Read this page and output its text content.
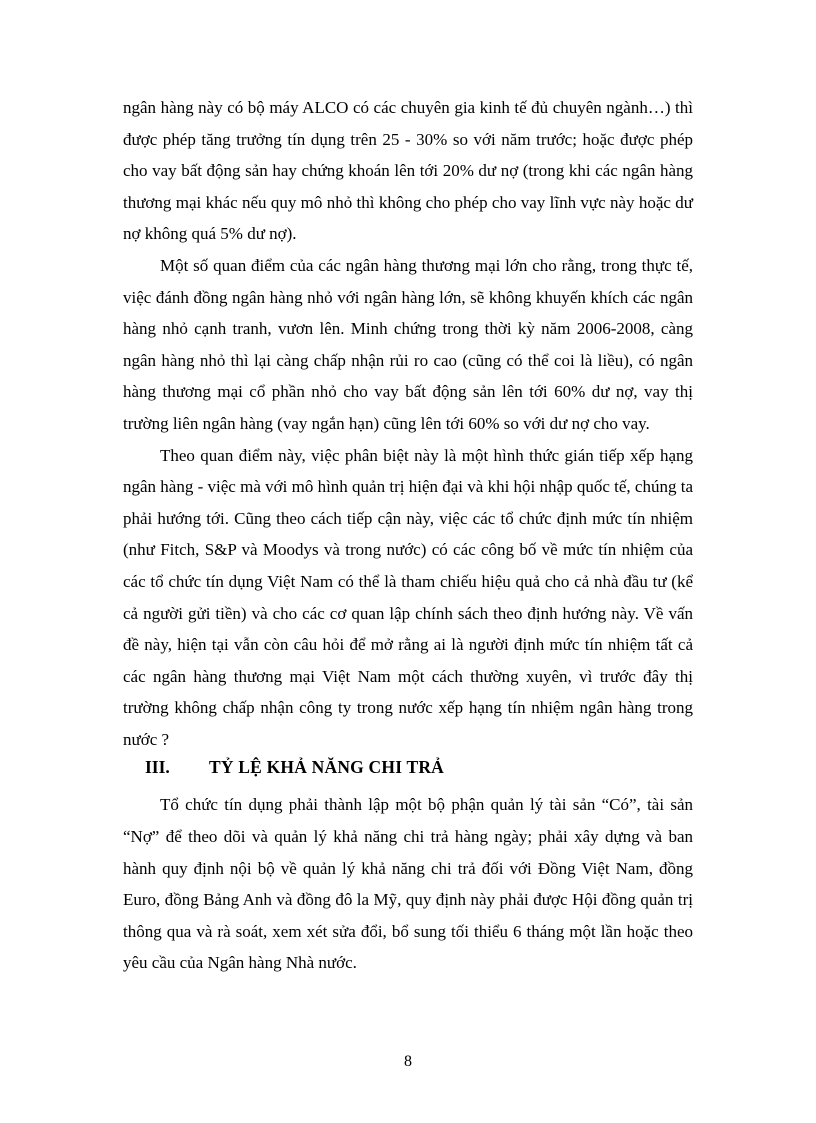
ngân hàng này có bộ máy ALCO có các chuyên gia kinh tế đủ chuyên ngành…) thì được phép tăng trưởng tín dụng trên 25 - 30% so với năm trước; hoặc được phép cho vay bất động sản hay chứng khoán lên tới 20% dư nợ (trong khi các ngân hàng thương mại khác nếu quy mô nhỏ thì không cho phép cho vay lĩnh vực này hoặc dư nợ không quá 5% dư nợ).

Một số quan điểm của các ngân hàng thương mại lớn cho rằng, trong thực tế, việc đánh đồng ngân hàng nhỏ với ngân hàng lớn, sẽ không khuyến khích các ngân hàng nhỏ cạnh tranh, vươn lên. Minh chứng trong thời kỳ năm 2006-2008, càng ngân hàng nhỏ thì lại càng chấp nhận rủi ro cao (cũng có thể coi là liều), có ngân hàng thương mại cổ phần nhỏ cho vay bất động sản lên tới 60% dư nợ, vay thị trường liên ngân hàng (vay ngắn hạn) cũng lên tới 60% so với dư nợ cho vay.

Theo quan điểm này, việc phân biệt này là một hình thức gián tiếp xếp hạng ngân hàng - việc mà với mô hình quản trị hiện đại và khi hội nhập quốc tế, chúng ta phải hướng tới. Cũng theo cách tiếp cận này, việc các tổ chức định mức tín nhiệm (như Fitch, S&P và Moodys và trong nước) có các công bố về mức tín nhiệm của các tổ chức tín dụng Việt Nam có thể là tham chiếu hiệu quả cho cả nhà đầu tư (kể cả người gửi tiền) và cho các cơ quan lập chính sách theo định hướng này. Về vấn đề này, hiện tại vẫn còn câu hỏi để mở rằng ai là người định mức tín nhiệm tất cả các ngân hàng thương mại Việt Nam một cách thường xuyên, vì trước đây thị trường không chấp nhận công ty trong nước xếp hạng tín nhiệm ngân hàng trong nước ?

III.	TỶ LỆ KHẢ NĂNG CHI TRẢ

Tổ chức tín dụng phải thành lập một bộ phận quản lý tài sản “Có”, tài sản “Nợ” để theo dõi và quản lý khả năng chi trả hàng ngày; phải xây dựng và ban hành quy định nội bộ về quản lý khả năng chi trả đối với Đồng Việt Nam, đồng Euro, đồng Bảng Anh và đồng đô la Mỹ, quy định này phải được Hội đồng quản trị thông qua và rà soát, xem xét sửa đổi, bổ sung tối thiểu 6 tháng một lần hoặc theo yêu cầu của Ngân hàng Nhà nước.

8
